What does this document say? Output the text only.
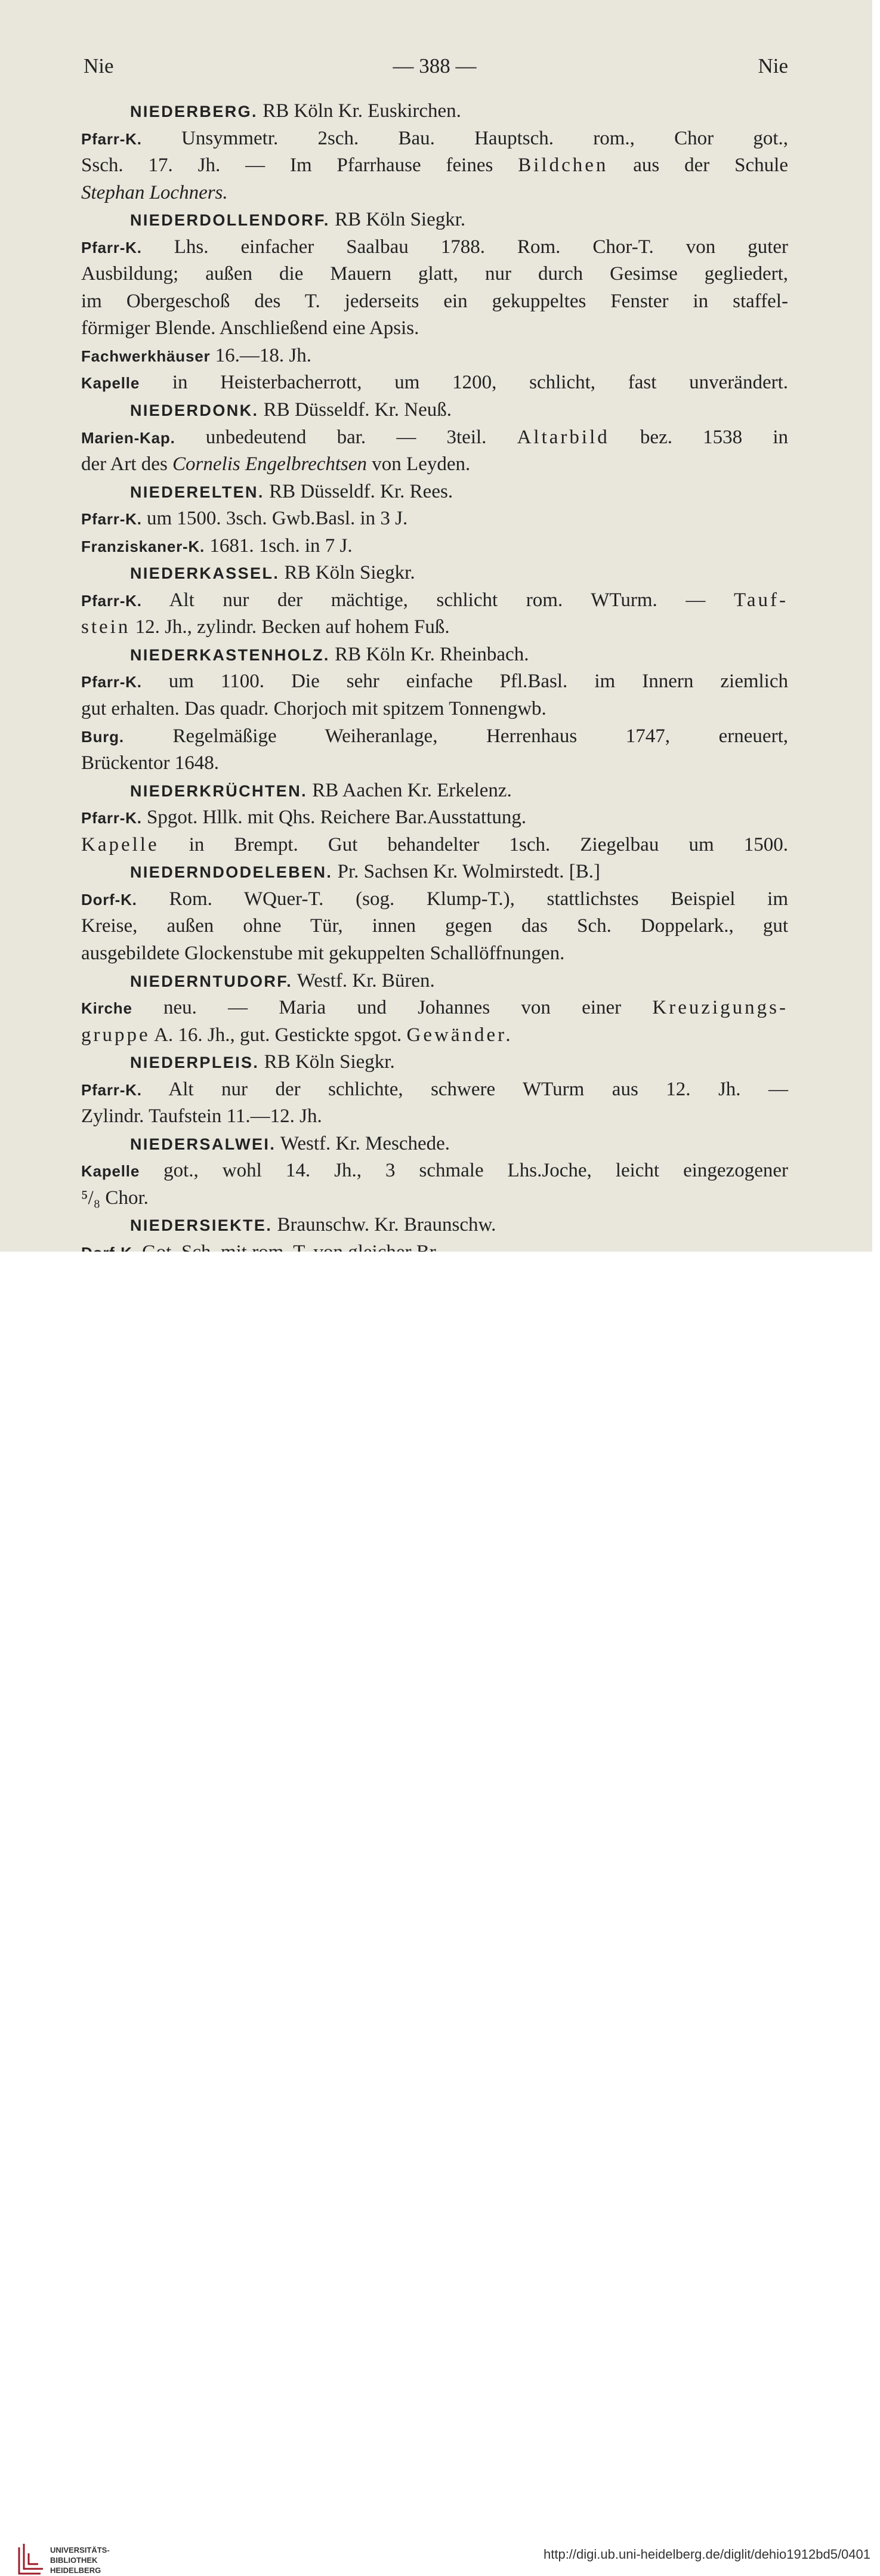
Nie	— 388 —	Nie
NIEDERBERG. RB Köln Kr. Euskirchen.
Pfarr-K. Unsymmetr. 2sch. Bau. Hauptsch. rom., Chor got.,
Ssch. 17. Jh. — Im Pfarrhause feines Bildchen aus der Schule
Stephan Lochners.
NIEDERDOLLENDORF. RB Köln Siegkr.
Pfarr-K. Lhs. einfacher Saalbau 1788. Rom. Chor-T. von guter
Ausbildung; außen die Mauern glatt, nur durch Gesimse gegliedert,
im Obergeschoß des T. jederseits ein gekuppeltes Fenster in staffel-
förmiger Blende. Anschließend eine Apsis.
Fachwerkhäuser 16.—18. Jh.
Kapelle in Heisterbacherrott, um 1200, schlicht, fast unverändert.
NIEDERDONK. RB Düsseldf. Kr. Neuß.
Marien-Kap. unbedeutend bar. — 3teil. Altarbild bez. 1538 in
der Art des Cornelis Engelbrechtsen von Leyden.
NIEDERELTEN. RB Düsseldf. Kr. Rees.
Pfarr-K. um 1500. 3sch. Gwb.Basl. in 3 J.
Franziskaner-K. 1681. 1sch. in 7 J.
NIEDERKASSEL. RB Köln Siegkr.
Pfarr-K. Alt nur der mächtige, schlicht rom. WTurm. — Tauf-
stein 12. Jh., zylindr. Becken auf hohem Fuß.
NIEDERKASTENHOLZ. RB Köln Kr. Rheinbach.
Pfarr-K. um 1100. Die sehr einfache Pfl.Basl. im Innern ziemlich
gut erhalten. Das quadr. Chorjoch mit spitzem Tonnengwb.
Burg. Regelmäßige Weiheranlage, Herrenhaus 1747, erneuert,
Brückentor 1648.
NIEDERKRÜCHTEN. RB Aachen Kr. Erkelenz.
Pfarr-K. Spgot. Hllk. mit Qhs. Reichere Bar.Ausstattung.
Kapelle in Brempt. Gut behandelter 1sch. Ziegelbau um 1500.
NIEDERNDODELEBEN. Pr. Sachsen Kr. Wolmirstedt. [B.]
Dorf-K. Rom. WQuer-T. (sog. Klump-T.), stattlichstes Beispiel im
Kreise, außen ohne Tür, innen gegen das Sch. Doppelark., gut
ausgebildete Glockenstube mit gekuppelten Schallöffnungen.
NIEDERNTUDORF. Westf. Kr. Büren.
Kirche neu. — Maria und Johannes von einer Kreuzigungs-
gruppe A. 16. Jh., gut. Gestickte spgot. Gewänder.
NIEDERPLEIS. RB Köln Siegkr.
Pfarr-K. Alt nur der schlichte, schwere WTurm aus 12. Jh. —
Zylindr. Taufstein 11.—12. Jh.
NIEDERSALWEI. Westf. Kr. Meschede.
Kapelle got., wohl 14. Jh., 3 schmale Lhs.Joche, leicht eingezogener
⁵/₈ Chor.
NIEDERSIEKTE. Braunschw. Kr. Braunschw.
UNIVERSITÄTS-
BIBLIOTHEK
HEIDELBERG
http://digi.ub.uni-heidelberg.de/diglit/dehio1912bd5/0401
